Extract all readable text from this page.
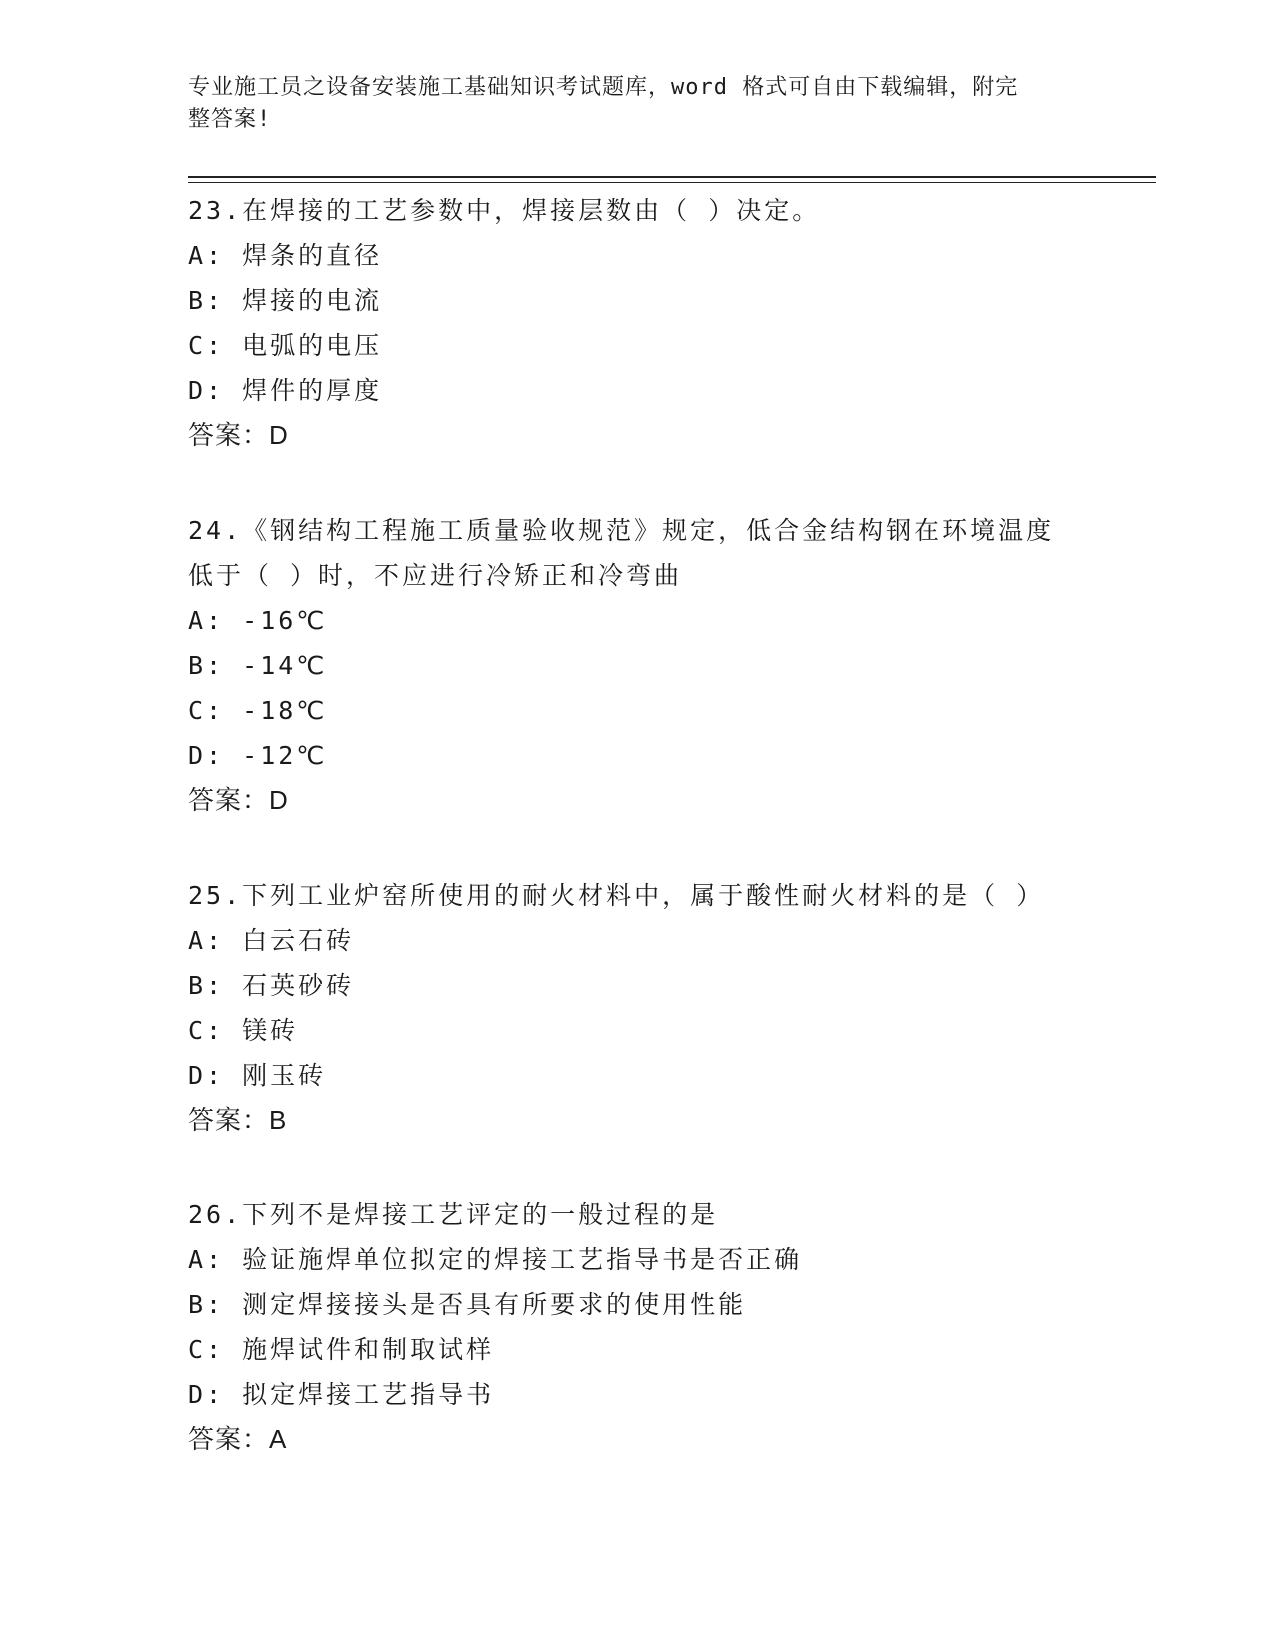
专业施工员之设备安装施工基础知识考试题库，word 格式可自由下载编辑，附完
整答案!
23.在焊接的工艺参数中，焊接层数由（ ）决定。
A: 焊条的直径
B: 焊接的电流
C: 电弧的电压
D: 焊件的厚度
答案：D
24.《钢结构工程施工质量验收规范》规定，低合金结构钢在环境温度
低于（ ）时，不应进行冷矫正和冷弯曲
A: -16℃
B: -14℃
C: -18℃
D: -12℃
答案：D
25.下列工业炉窑所使用的耐火材料中，属于酸性耐火材料的是（ ）
A: 白云石砖
B: 石英砂砖
C: 镁砖
D: 刚玉砖
答案：B
26.下列不是焊接工艺评定的一般过程的是
A: 验证施焊单位拟定的焊接工艺指导书是否正确
B: 测定焊接接头是否具有所要求的使用性能
C: 施焊试件和制取试样
D: 拟定焊接工艺指导书
答案：A
